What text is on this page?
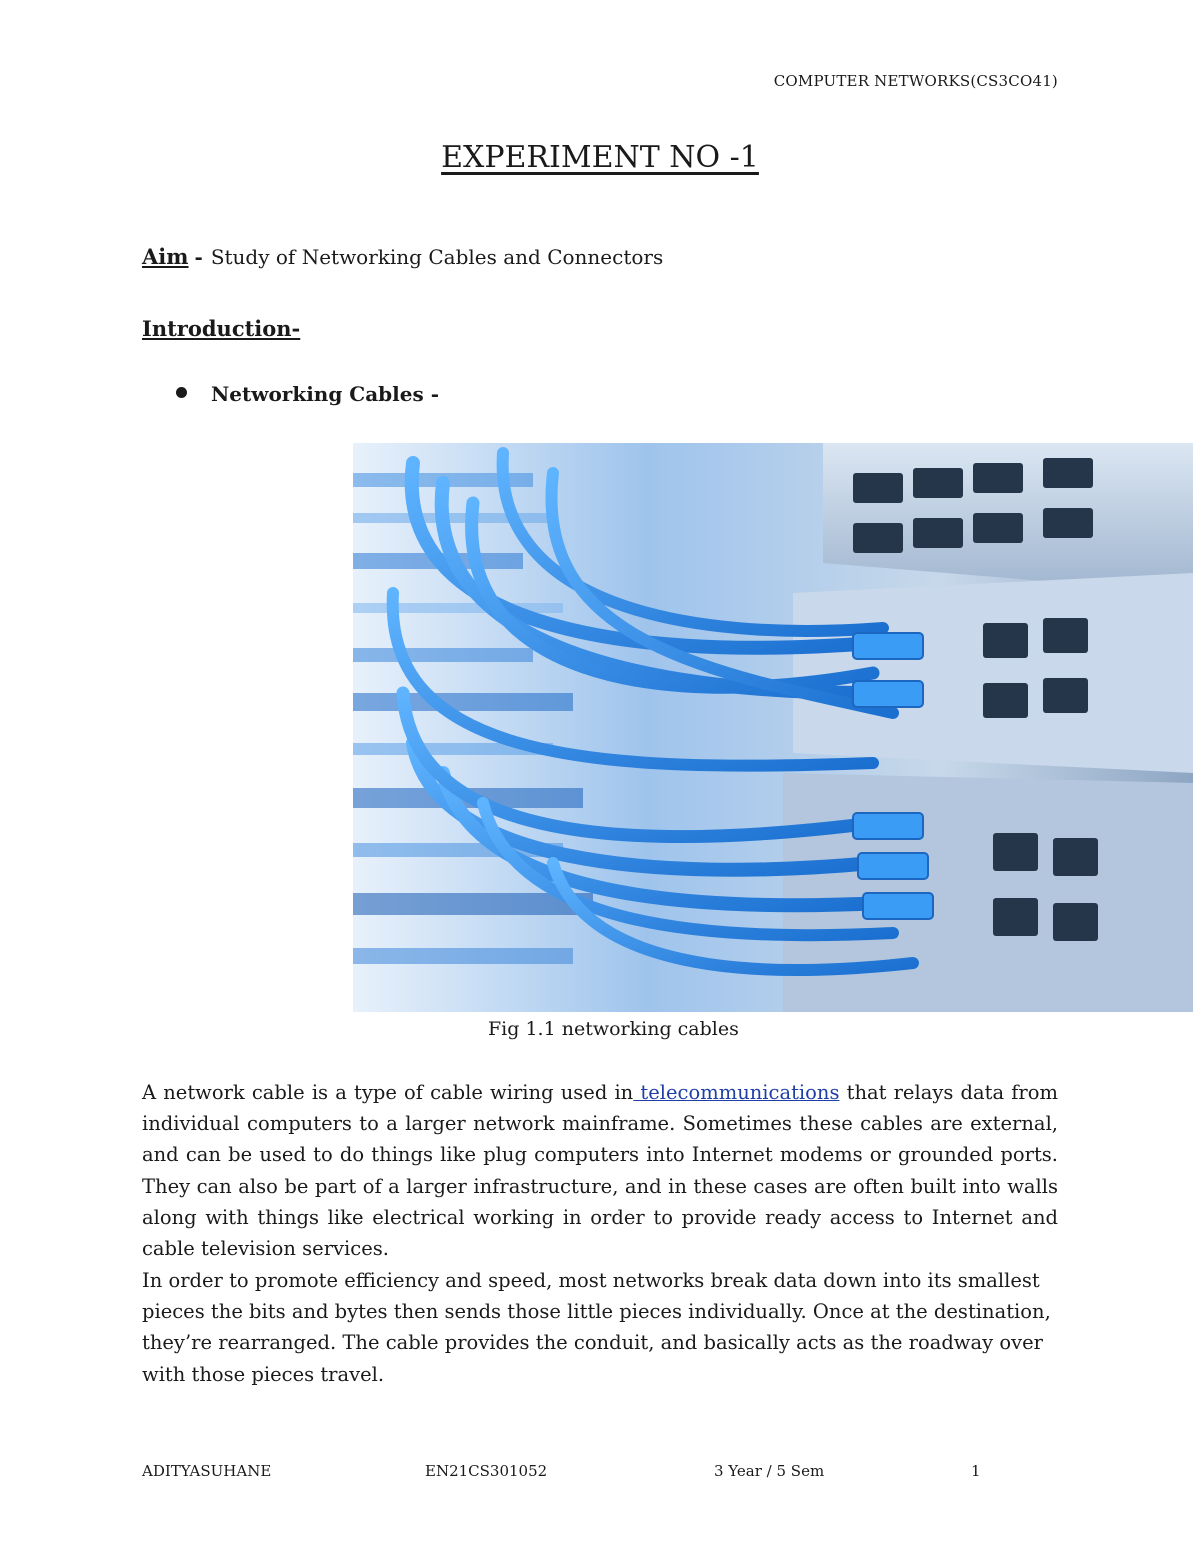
COMPUTER NETWORKS(CS3CO41)
EXPERIMENT NO -1
Aim - Study of Networking Cables and Connectors
Introduction-
Networking Cables -
Fig 1.1 networking cables
A network cable is a type of cable wiring used in telecommunications that relays data from individual computers to a larger network mainframe. Sometimes these cables are external, and can be used to do things like plug computers into Internet modems or grounded ports. They can also be part of a larger infrastructure, and in these cases are often built into walls along with things like electrical working in order to provide ready access to Internet and cable television services.
In order to promote efficiency and speed, most networks break data down into its smallest pieces the bits and bytes then sends those little pieces individually. Once at the destination, they’re rearranged. The cable provides the conduit, and basically acts as the roadway over with those pieces travel.
ADITYASUHANE	EN21CS301052	3 Year / 5 Sem	1
